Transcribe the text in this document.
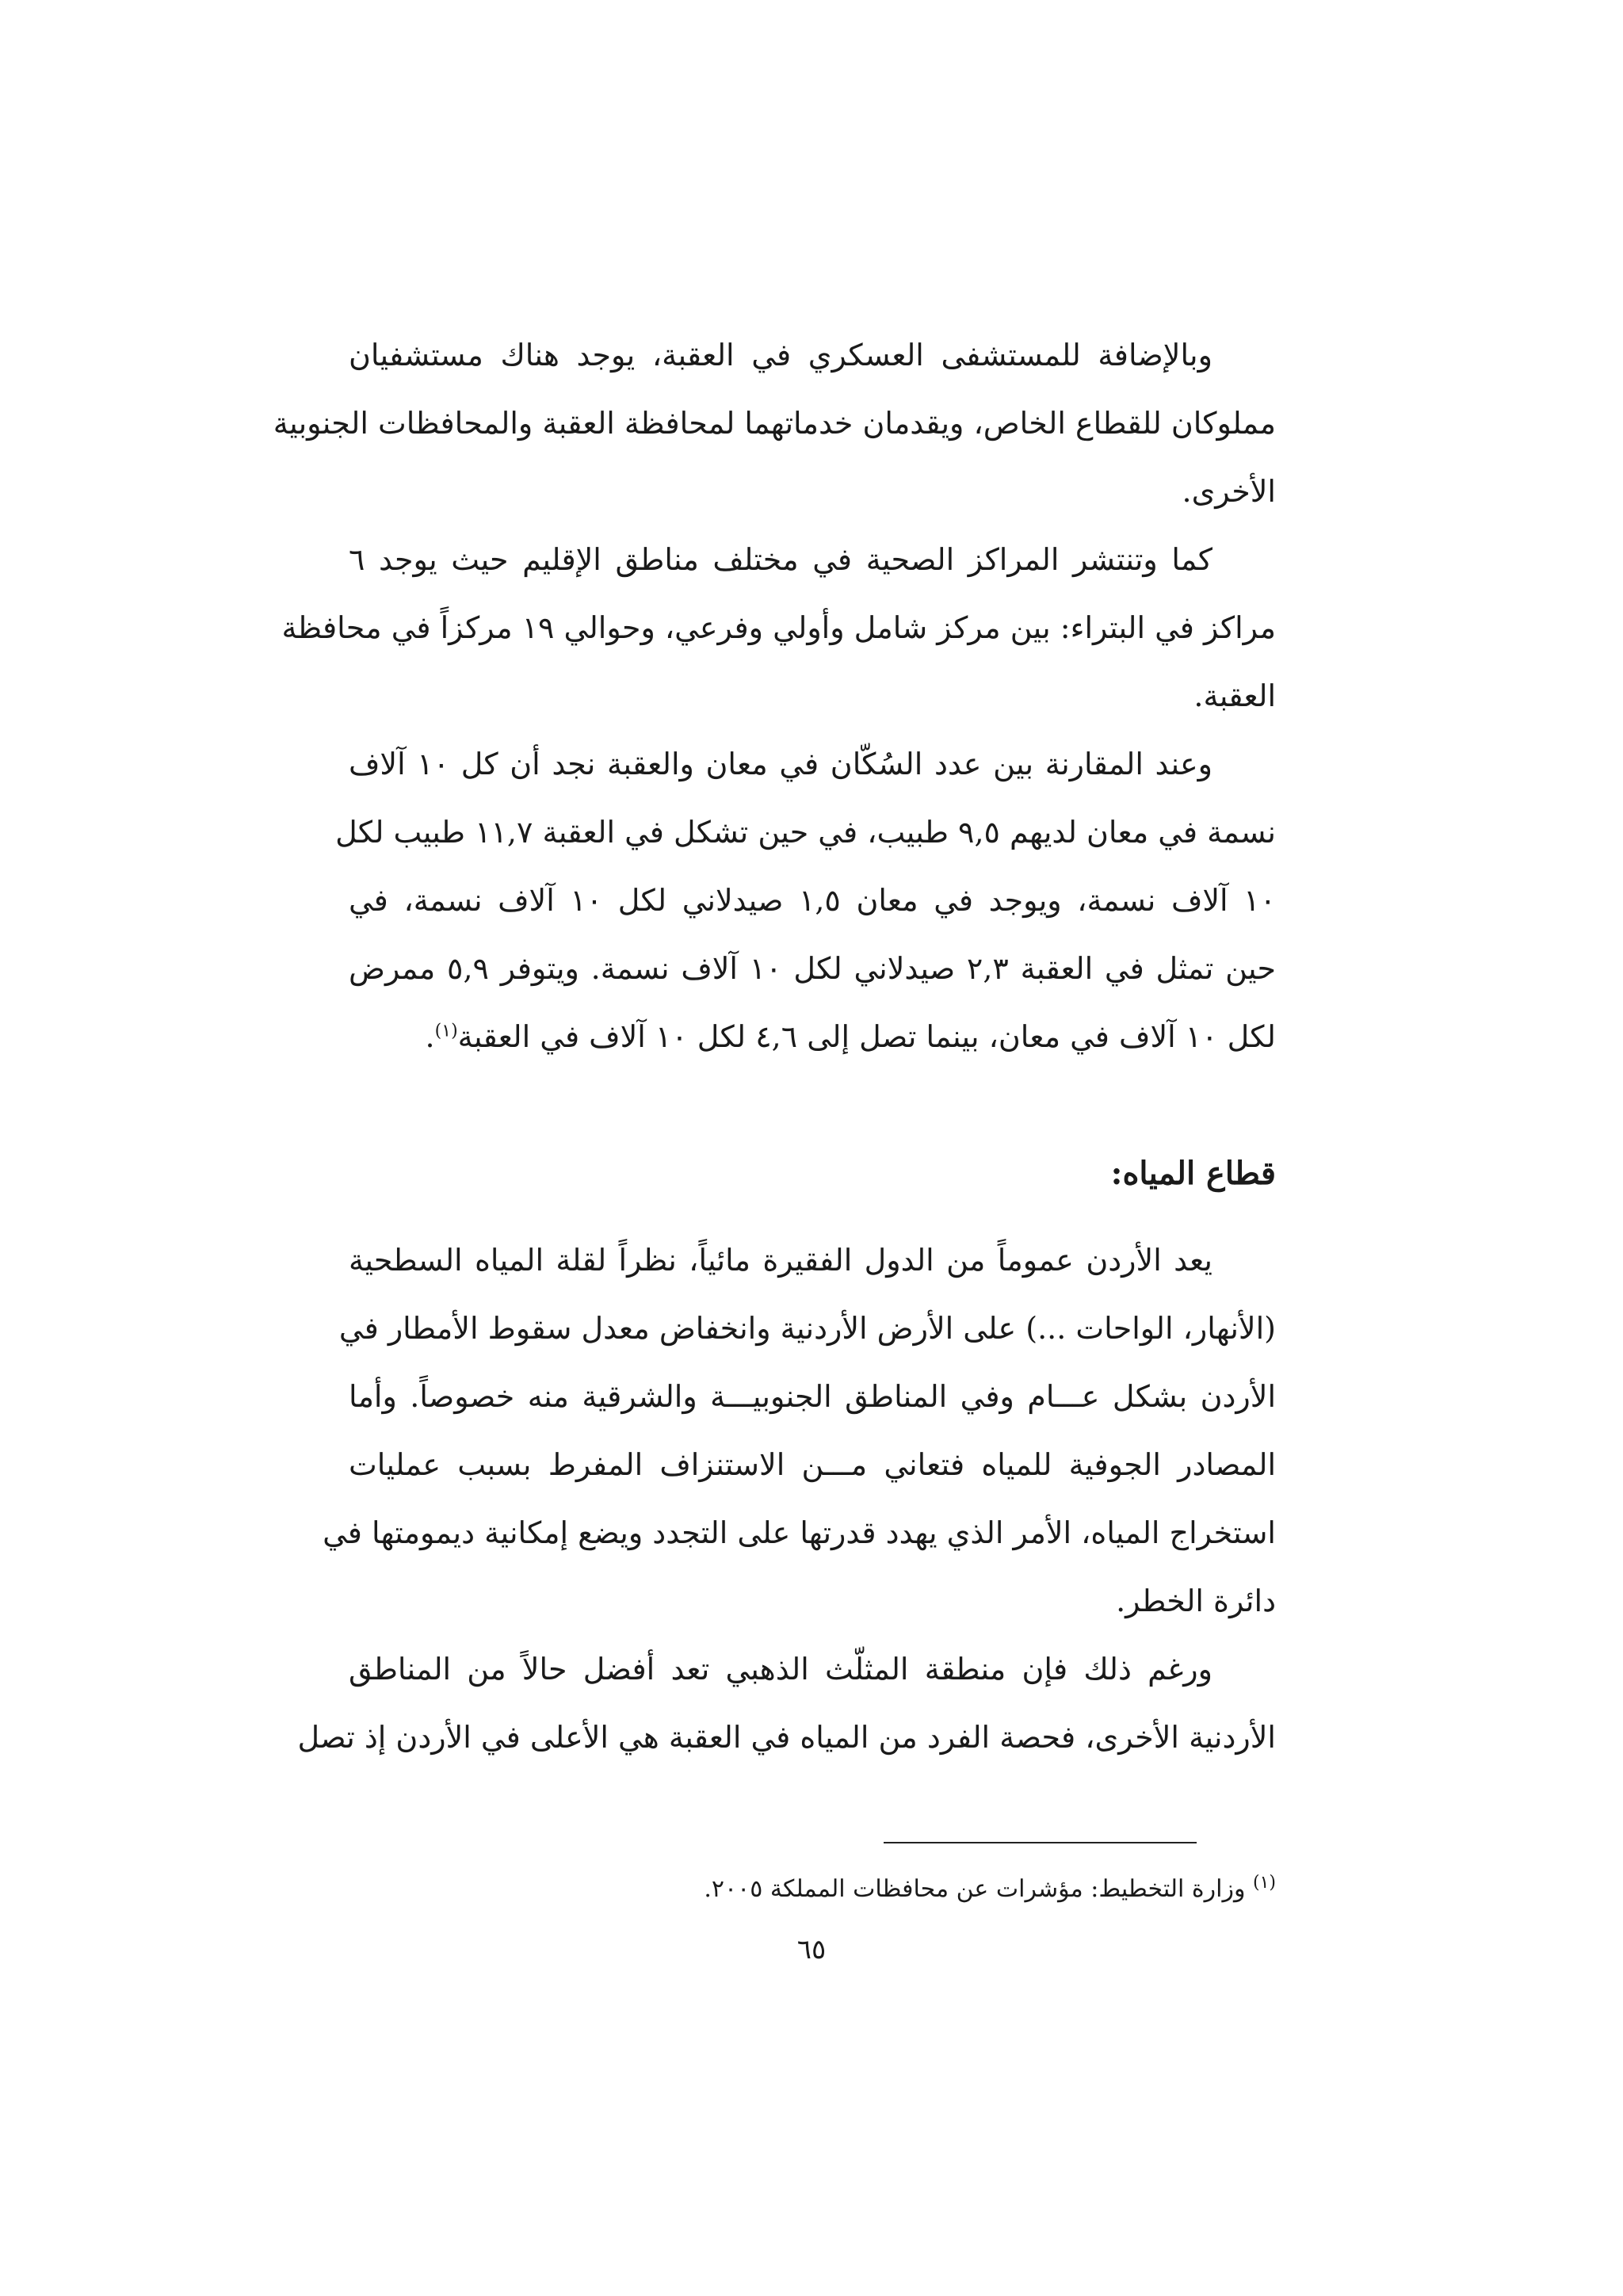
وبالإضافة للمستشفى العسكري في العقبة، يوجد هناك مستشفيان
مملوكان للقطاع الخاص، ويقدمان خدماتهما لمحافظة العقبة والمحافظات الجنوبية
الأخرى.
كما وتنتشر المراكز الصحية في مختلف مناطق الإقليم حيث يوجد ٦
مراكز في البتراء: بين مركز شامل وأولي وفرعي، وحوالي ١٩ مركزاً في محافظة
العقبة.
وعند المقارنة بين عدد السُكّان في معان والعقبة نجد أن كل ١٠ آلاف
نسمة في معان لديهم ٩,٥ طبيب، في حين تشكل في العقبة ١١,٧ طبيب لكل
١٠ آلاف نسمة، ويوجد في معان ١,٥ صيدلاني لكل ١٠ آلاف نسمة، في
حين تمثل في العقبة ٢,٣ صيدلاني لكل ١٠ آلاف نسمة. ويتوفر ٥,٩ ممرض
لكل ١٠ آلاف في معان، بينما تصل إلى ٤,٦ لكل ١٠ آلاف في العقبة$^{(١)}$.
قطاع المياه:
يعد الأردن عموماً من الدول الفقيرة مائياً، نظراً لقلة المياه السطحية
(الأنهار، الواحات ...) على الأرض الأردنية وانخفاض معدل سقوط الأمطار في
الأردن بشكل عـــام وفي المناطق الجنوبيـــة والشرقية منه خصوصاً. وأما
المصادر الجوفية للمياه فتعاني مـــن الاستنزاف المفرط بسبب عمليات
استخراج المياه، الأمر الذي يهدد قدرتها على التجدد ويضع إمكانية ديمومتها في
دائرة الخطر.
ورغم ذلك فإن منطقة المثلّث الذهبي تعد أفضل حالاً من المناطق
الأردنية الأخرى، فحصة الفرد من المياه في العقبة هي الأعلى في الأردن إذ تصل
$^{(١)}$ وزارة التخطيط: مؤشرات عن محافظات المملكة ٢٠٠٥.
٦٥
